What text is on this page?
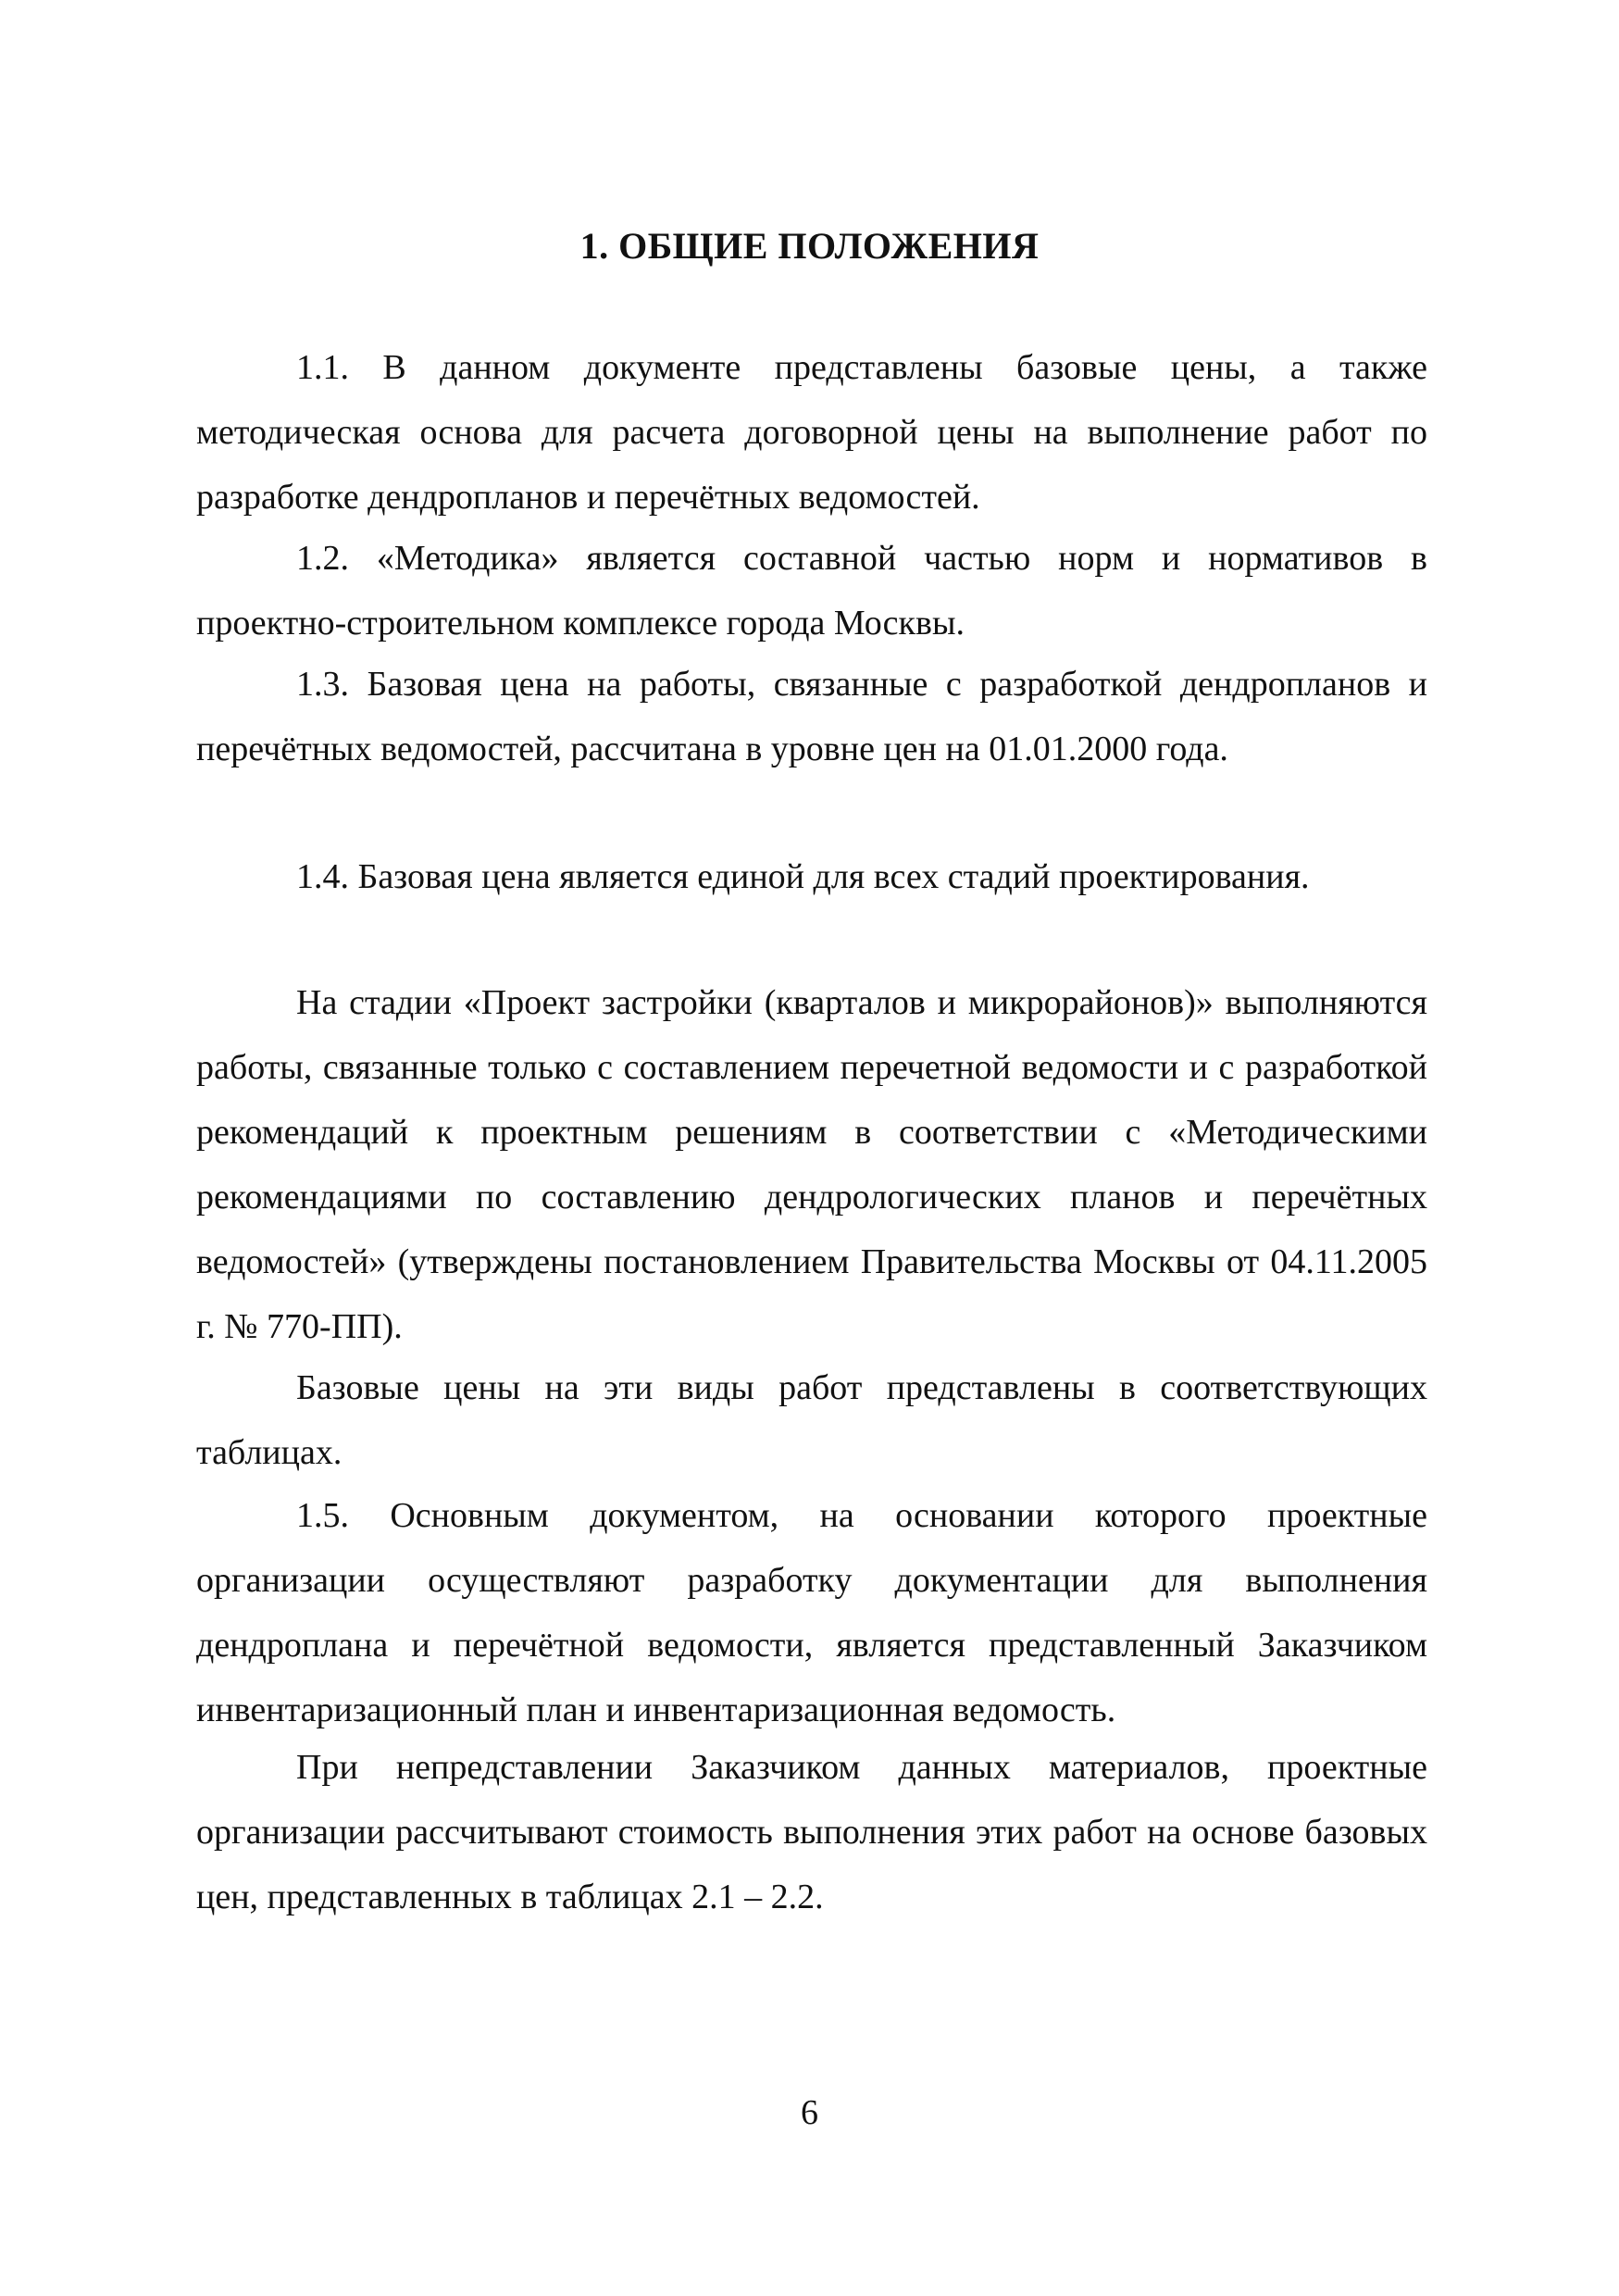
1. ОБЩИЕ ПОЛОЖЕНИЯ

1.1. В данном документе представлены базовые цены, а также методическая основа для расчета договорной цены на выполнение работ по разработке дендропланов и перечётных ведомостей.

1.2. «Методика» является составной частью норм и нормативов в проектно-строительном комплексе города Москвы.

1.3. Базовая цена на работы, связанные с разработкой дендропланов и перечётных ведомостей, рассчитана в уровне цен на 01.01.2000 года.

1.4. Базовая цена является единой для всех стадий проектирования.

На стадии «Проект застройки (кварталов и микрорайонов)» выполняются работы, связанные только с составлением перечетной ведомости и с разработкой рекомендаций к проектным решениям в соответствии с «Методическими рекомендациями по составлению дендрологических планов и перечётных ведомостей» (утверждены постановлением Правительства Москвы от 04.11.2005 г. № 770-ПП).

Базовые цены на эти виды работ представлены в соответствующих таблицах.

1.5. Основным документом, на основании которого проектные организации осуществляют разработку документации для выполнения дендроплана и перечётной ведомости, является представленный Заказчиком инвентаризационный план и инвентаризационная ведомость.

При непредставлении Заказчиком данных материалов, проектные организации рассчитывают стоимость выполнения этих работ на основе базовых цен, представленных в таблицах 2.1 – 2.2.

6
